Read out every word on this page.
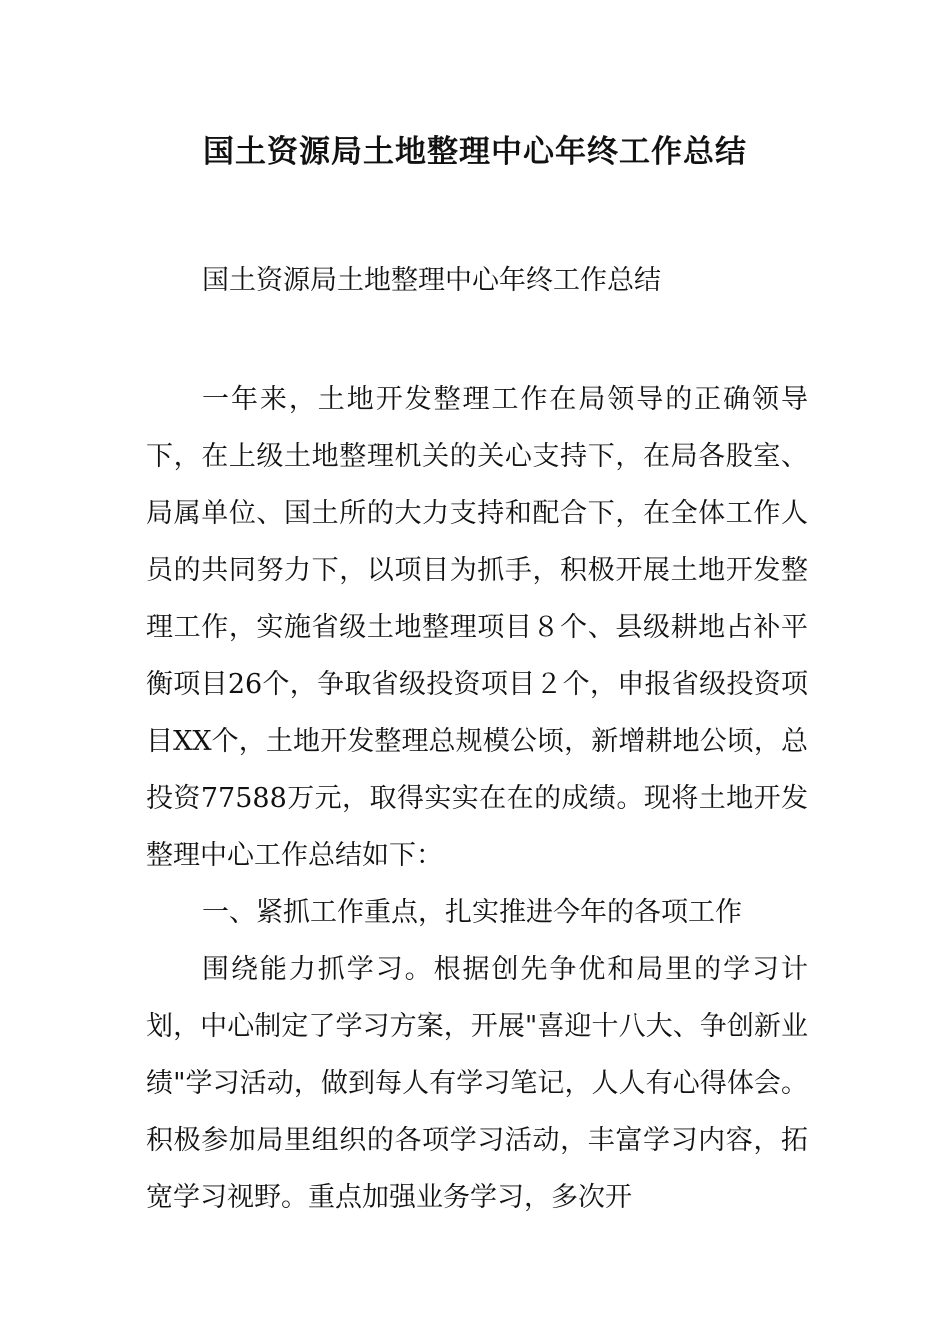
国土资源局土地整理中心年终工作总结

国土资源局土地整理中心年终工作总结

一年来，土地开发整理工作在局领导的正确领导下，在上级土地整理机关的关心支持下，在局各股室、局属单位、国土所的大力支持和配合下，在全体工作人员的共同努力下，以项目为抓手，积极开展土地开发整理工作，实施省级土地整理项目８个、县级耕地占补平衡项目26个，争取省级投资项目２个，申报省级投资项目XX个，土地开发整理总规模公顷，新增耕地公顷，总投资77588万元，取得实实在在的成绩。现将土地开发整理中心工作总结如下：

一、紧抓工作重点，扎实推进今年的各项工作

围绕能力抓学习。根据创先争优和局里的学习计划，中心制定了学习方案，开展"喜迎十八大、争创新业绩"学习活动，做到每人有学习笔记，人人有心得体会。积极参加局里组织的各项学习活动，丰富学习内容，拓宽学习视野。重点加强业务学习，多次开
